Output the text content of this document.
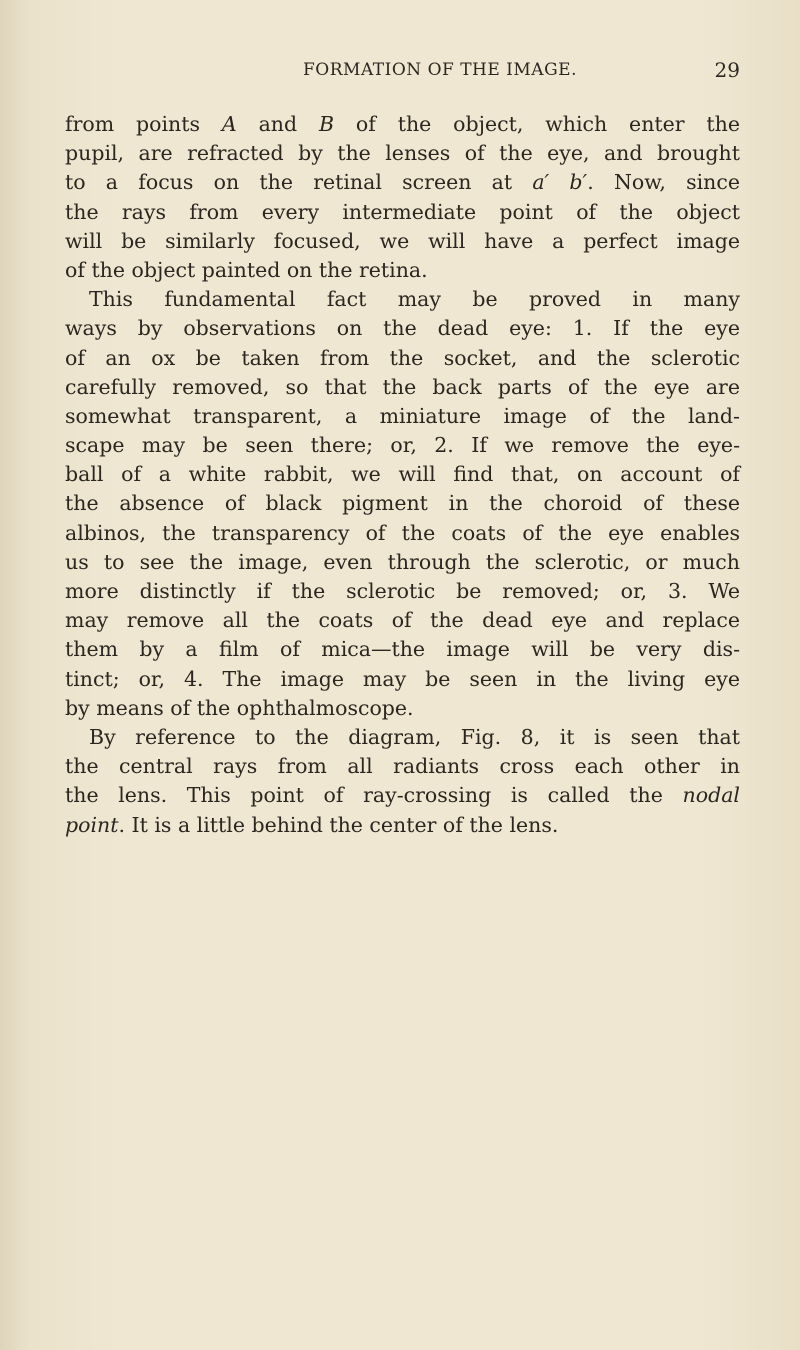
FORMATION OF THE IMAGE.	29
from points A and B of the object, which enter the
pupil, are refracted by the lenses of the eye, and brought
to a focus on the retinal screen at a′ b′. Now, since
the rays from every intermediate point of the object
will be similarly focused, we will have a perfect image
of the object painted on the retina.
This fundamental fact may be proved in many
ways by observations on the dead eye: 1. If the eye
of an ox be taken from the socket, and the sclerotic
carefully removed, so that the back parts of the eye are
somewhat transparent, a miniature image of the land-
scape may be seen there; or, 2. If we remove the eye-
ball of a white rabbit, we will find that, on account of
the absence of black pigment in the choroid of these
albinos, the transparency of the coats of the eye enables
us to see the image, even through the sclerotic, or much
more distinctly if the sclerotic be removed; or, 3. We
may remove all the coats of the dead eye and replace
them by a film of mica—the image will be very dis-
tinct; or, 4. The image may be seen in the living eye
by means of the ophthalmoscope.
By reference to the diagram, Fig. 8, it is seen that
the central rays from all radiants cross each other in
the lens. This point of ray-crossing is called the nodal
point. It is a little behind the center of the lens.
